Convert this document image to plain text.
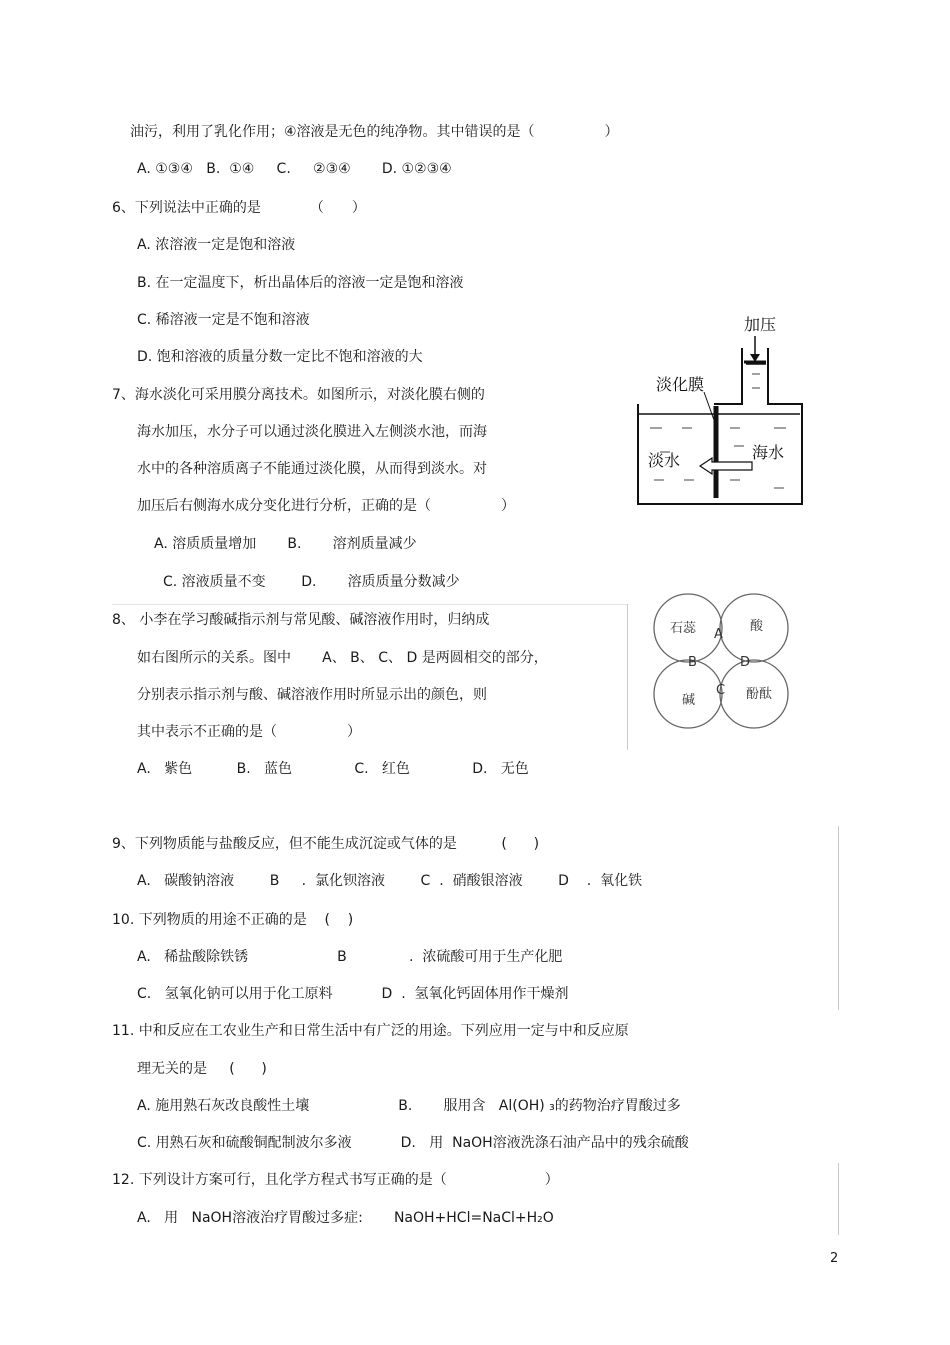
油污，利用了乳化作用；④溶液是无色的纯净物。其中错误的是（　　　　　）
A. ①③④   B.  ①④     C.     ②③④       D. ①②③④
6、下列说法中正确的是　　　　（　　）
A. 浓溶液一定是饱和溶液
B. 在一定温度下，析出晶体后的溶液一定是饱和溶液
C. 稀溶液一定是不饱和溶液
D. 饱和溶液的质量分数一定比不饱和溶液的大
7、海水淡化可采用膜分离技术。如图所示，对淡化膜右侧的
海水加压，水分子可以通过淡化膜进入左侧淡水池，而海
水中的各种溶质离子不能通过淡化膜，从而得到淡水。对
加压后右侧海水成分变化进行分析，正确的是（　　　　　）
A. 溶质质量增加       B.       溶剂质量减少
C. 溶液质量不变        D.       溶质质量分数减少
加压
淡化膜
淡水	海水
8、 小李在学习酸碱指示剂与常见酸、碱溶液作用时，归纳成
如右图所示的关系。图中       A、 B、 C、 D 是两圆相交的部分，
分别表示指示剂与酸、碱溶液作用时所显示出的颜色，则
其中表示不正确的是（　　　　　）
A.   紫色          B.   蓝色              C.   红色              D.   无色
石蕊	酸
碱	酚酞
A
B	D
C
9、下列物质能与盐酸反应，但不能生成沉淀或气体的是          (      )
A.   碳酸钠溶液        B     .  氯化钡溶液        C  .  硝酸银溶液        D    .  氧化铁
10. 下列物质的用途不正确的是    (    )
A.   稀盐酸除铁锈                    B              .  浓硫酸可用于生产化肥
C.   氢氧化钠可以用于化工原料           D  .  氢氧化钙固体用作干燥剂
11. 中和反应在工农业生产和日常生活中有广泛的用途。下列应用一定与中和反应原
理无关的是     (      )
A. 施用熟石灰改良酸性土壤                    B.       服用含   Al(OH) ₃的药物治疗胃酸过多
C. 用熟石灰和硫酸铜配制波尔多液           D.   用  NaOH溶液洗涤石油产品中的残余硫酸
12. 下列设计方案可行，且化学方程式书写正确的是（　　　　　　　）
A.   用   NaOH溶液治疗胃酸过多症:       NaOH+HCl=NaCl+H₂O
2
